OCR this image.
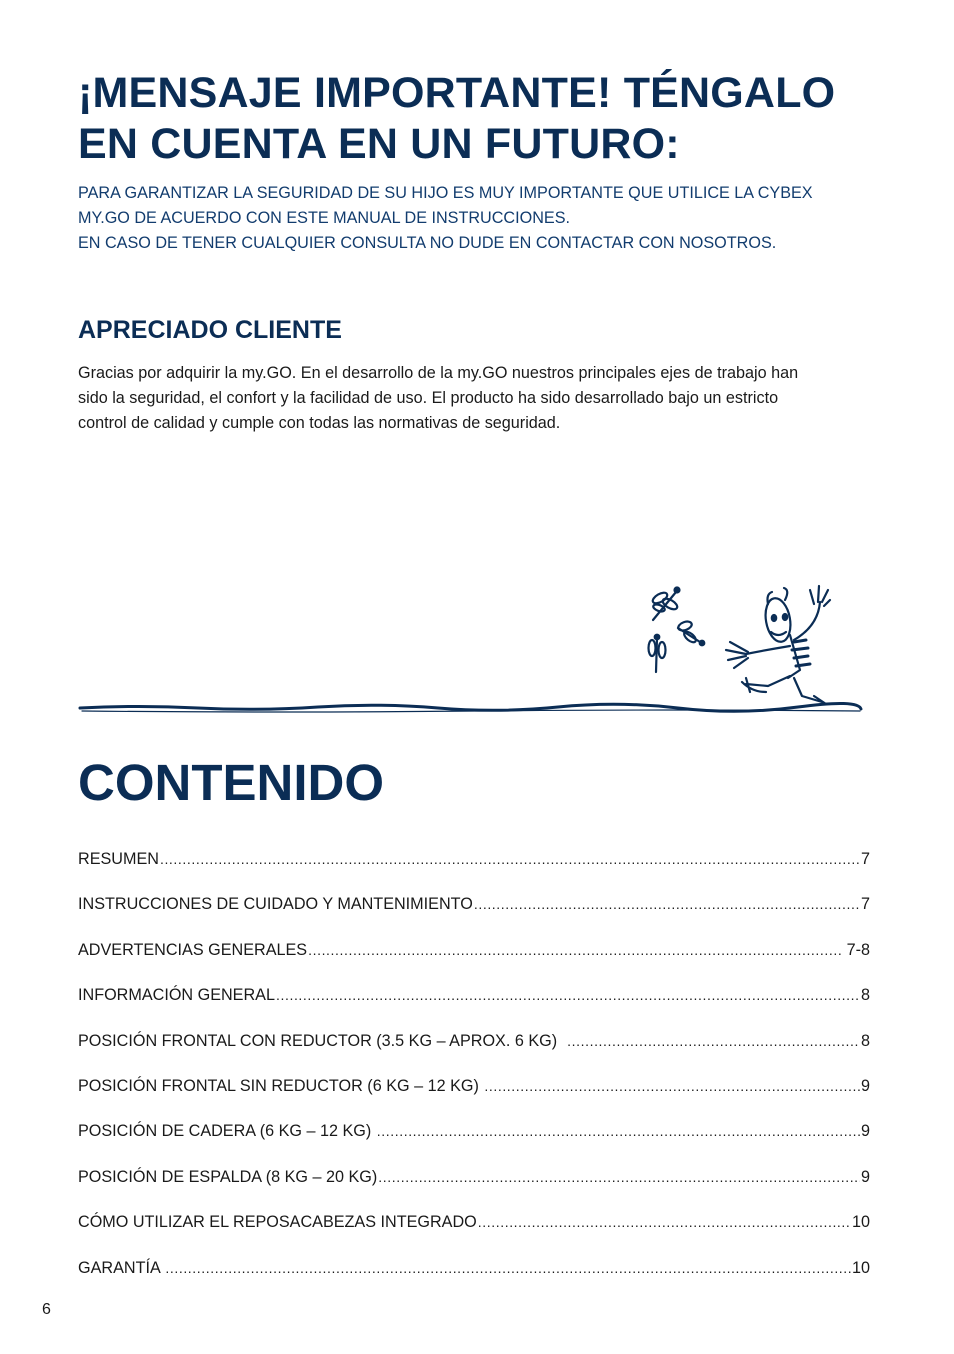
¡MENSAJE IMPORTANTE! TÉNGALO
EN CUENTA EN UN FUTURO:
PARA GARANTIZAR LA SEGURIDAD DE SU HIJO ES MUY IMPORTANTE QUE UTILICE LA CYBEX
MY.GO DE ACUERDO CON ESTE MANUAL DE INSTRUCCIONES.
EN CASO DE TENER CUALQUIER CONSULTA NO DUDE EN CONTACTAR CON NOSOTROS.
APRECIADO CLIENTE
Gracias por adquirir la my.GO. En el desarrollo de la my.GO nuestros principales ejes de trabajo han
sido la seguridad, el confort y la facilidad de uso. El producto ha sido desarrollado bajo un estricto
control de calidad y cumple con todas las normativas de seguridad.
CONTENIDO
RESUMEN .....	7
INSTRUCCIONES DE CUIDADO Y MANTENIMIENTO .....	7
ADVERTENCIAS GENERALES .....	7-8
INFORMACIÓN GENERAL .....	8
POSICIÓN FRONTAL CON REDUCTOR (3.5 KG – APROX. 6 KG) .....	8
POSICIÓN FRONTAL SIN REDUCTOR (6 KG – 12 KG) .....	9
POSICIÓN DE CADERA (6 KG – 12 KG) .....	9
POSICIÓN DE ESPALDA (8 KG – 20 KG) .....	9
CÓMO UTILIZAR EL REPOSACABEZAS INTEGRADO .....	10
GARANTÍA .....	10
6
